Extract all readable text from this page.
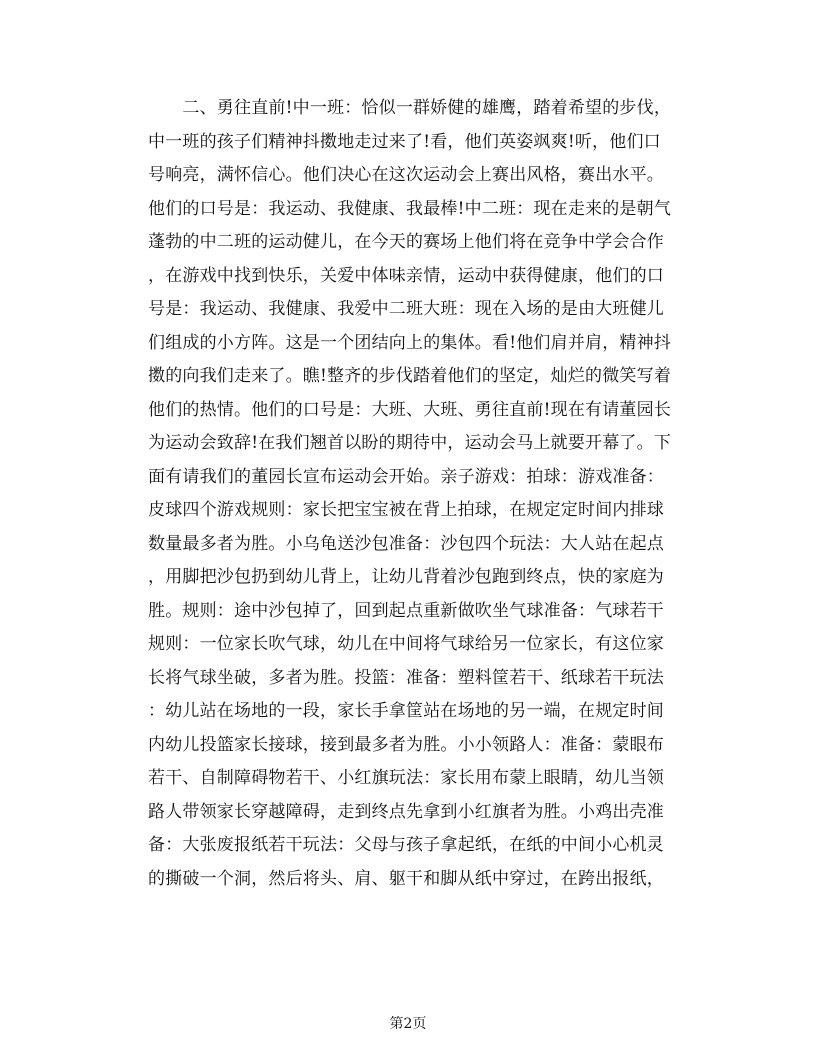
　　二、勇往直前!中一班：恰似一群娇健的雄鹰，踏着希望的步伐，
中一班的孩子们精神抖擞地走过来了!看，他们英姿飒爽!听，他们口
号响亮，满怀信心。他们决心在这次运动会上赛出风格，赛出水平。
他们的口号是：我运动、我健康、我最棒!中二班：现在走来的是朝气
蓬勃的中二班的运动健儿，在今天的赛场上他们将在竞争中学会合作
，在游戏中找到快乐，关爱中体味亲情，运动中获得健康，他们的口
号是：我运动、我健康、我爱中二班大班：现在入场的是由大班健儿
们组成的小方阵。这是一个团结向上的集体。看!他们肩并肩，精神抖
擞的向我们走来了。瞧!整齐的步伐踏着他们的坚定，灿烂的微笑写着
他们的热情。他们的口号是：大班、大班、勇往直前!现在有请董园长
为运动会致辞!在我们翘首以盼的期待中，运动会马上就要开幕了。下
面有请我们的董园长宣布运动会开始。亲子游戏：拍球：游戏准备：
皮球四个游戏规则：家长把宝宝被在背上拍球，在规定定时间内排球
数量最多者为胜。小乌龟送沙包准备：沙包四个玩法：大人站在起点
，用脚把沙包扔到幼儿背上，让幼儿背着沙包跑到终点，快的家庭为
胜。规则：途中沙包掉了，回到起点重新做吹坐气球准备：气球若干
规则：一位家长吹气球，幼儿在中间将气球给另一位家长，有这位家
长将气球坐破，多者为胜。投篮：准备：塑料筐若干、纸球若干玩法
：幼儿站在场地的一段，家长手拿筐站在场地的另一端，在规定时间
内幼儿投篮家长接球，接到最多者为胜。小小领路人：准备：蒙眼布
若干、自制障碍物若干、小红旗玩法：家长用布蒙上眼睛，幼儿当领
路人带领家长穿越障碍，走到终点先拿到小红旗者为胜。小鸡出壳准
备：大张废报纸若干玩法：父母与孩子拿起纸，在纸的中间小心机灵
的撕破一个洞，然后将头、肩、躯干和脚从纸中穿过，在跨出报纸，
第2页
